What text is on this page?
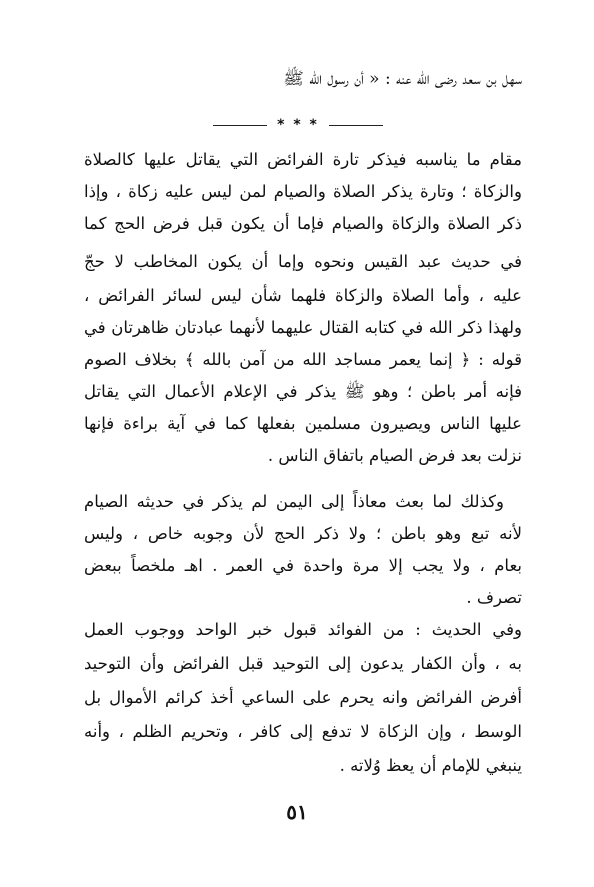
سهل بن سعد رضى الله عنه : « أن رسول الله ﷺ
* * *
مقام ما يناسبه فيذكر تارة الفرائض التي يقاتل عليها كالصلاة
والزكاة ؛ وتارة يذكر الصلاة والصيام لمن ليس عليه زكاة ، وإذا
ذكر الصلاة والزكاة والصيام فإما أن يكون قبل فرض الحج كما
في حديث عبد القيس ونحوه وإما أن يكون المخاطب لا حجّ
عليه ، وأما الصلاة والزكاة فلهما شأن ليس لسائر الفرائض ،
ولهذا ذكر الله في كتابه القتال عليهما لأنهما عبادتان ظاهرتان في
قوله : ﴿ إنما يعمر مساجد الله من آمن بالله ﴾ بخلاف الصوم
فإنه أمر باطن ؛ وهو ﷺ يذكر في الإعلام الأعمال التي يقاتل
عليها الناس ويصيرون مسلمين بفعلها كما في آية براءة فإنها
نزلت بعد فرض الصيام باتفاق الناس .
وكذلك لما بعث معاذاً إلى اليمن لم يذكر في حديثه الصيام
لأنه تبع وهو باطن ؛ ولا ذكر الحج لأن وجوبه خاص ، وليس
بعام ، ولا يجب إلا مرة واحدة في العمر . اهـ ملخصاً ببعض
تصرف .
وفي الحديث : من الفوائد قبول خبر الواحد ووجوب العمل
به ، وأن الكفار يدعون إلى التوحيد قبل الفرائض وأن التوحيد
أفرض الفرائض وانه يحرم على الساعي أخذ كرائم الأموال بل
الوسط ، وإن الزكاة لا تدفع إلى كافر ، وتحريم الظلم ، وأنه
ينبغي للإمام أن يعظ وُلاته .
٥١
